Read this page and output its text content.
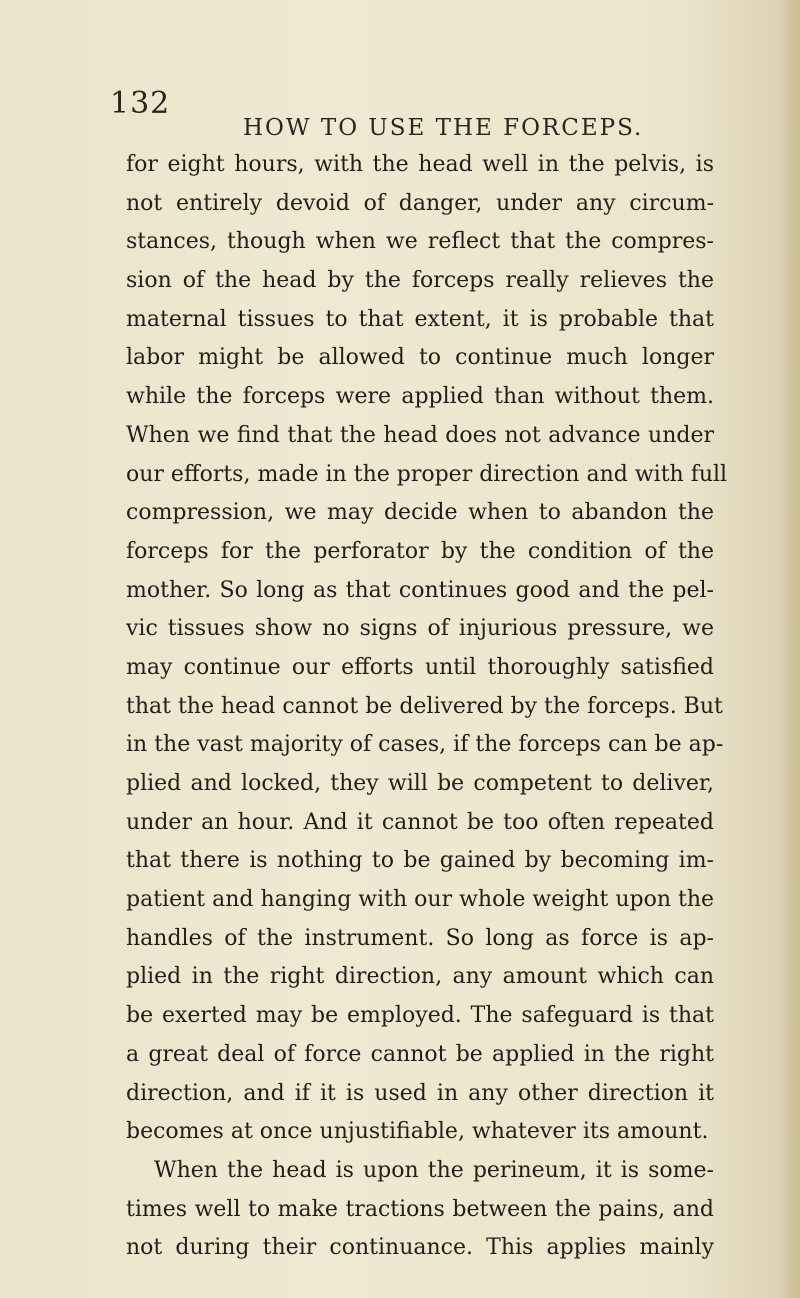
132
HOW TO USE THE FORCEPS.
for eight hours, with the head well in the pelvis, is
not entirely devoid of danger, under any circum-
stances, though when we reflect that the compres-
sion of the head by the forceps really relieves the
maternal tissues to that extent, it is probable that
labor might be allowed to continue much longer
while the forceps were applied than without them.
When we find that the head does not advance under
our efforts, made in the proper direction and with full
compression, we may decide when to abandon the
forceps for the perforator by the condition of the
mother. So long as that continues good and the pel-
vic tissues show no signs of injurious pressure, we
may continue our efforts until thoroughly satisfied
that the head cannot be delivered by the forceps. But
in the vast majority of cases, if the forceps can be ap-
plied and locked, they will be competent to deliver,
under an hour. And it cannot be too often repeated
that there is nothing to be gained by becoming im-
patient and hanging with our whole weight upon the
handles of the instrument. So long as force is ap-
plied in the right direction, any amount which can
be exerted may be employed. The safeguard is that
a great deal of force cannot be applied in the right
direction, and if it is used in any other direction it
becomes at once unjustifiable, whatever its amount.
When the head is upon the perineum, it is some-
times well to make tractions between the pains, and
not during their continuance. This applies mainly
